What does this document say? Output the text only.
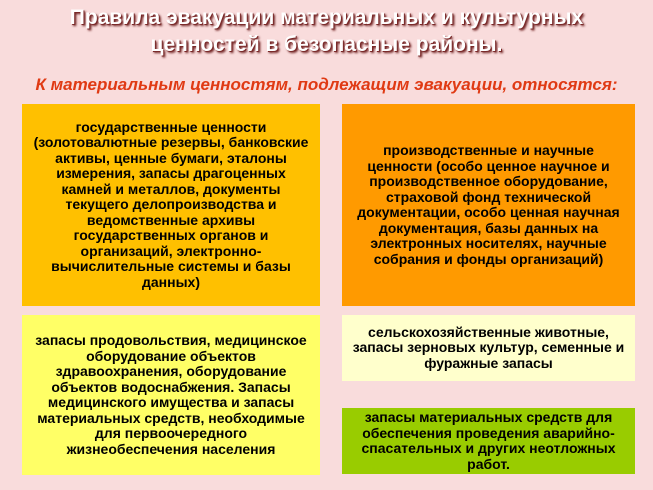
Правила эвакуации материальных и культурных
ценностей в безопасные районы.
К материальным ценностям, подлежащим эвакуации, относятся:
государственные ценности (золотовалютные резервы, банковские активы, ценные бумаги, эталоны измерения, запасы драгоценных камней и металлов, документы текущего делопроизводства и ведомственные архивы государственных органов и организаций, электронно-вычислительные системы и базы данных)
производственные и научные ценности (особо ценное научное и производственное оборудование, страховой фонд технической документации, особо ценная научная документация, базы данных на электронных носителях, научные собрания и фонды организаций)
запасы продовольствия, медицинское оборудование объектов здравоохранения, оборудование объектов водоснабжения. Запасы медицинского имущества и запасы материальных средств, необходимые для первоочередного жизнеобеспечения населения
сельскохозяйственные животные, запасы зерновых культур, семенные и фуражные запасы
запасы материальных средств для обеспечения проведения аварийно-спасательных и других неотложных работ.
